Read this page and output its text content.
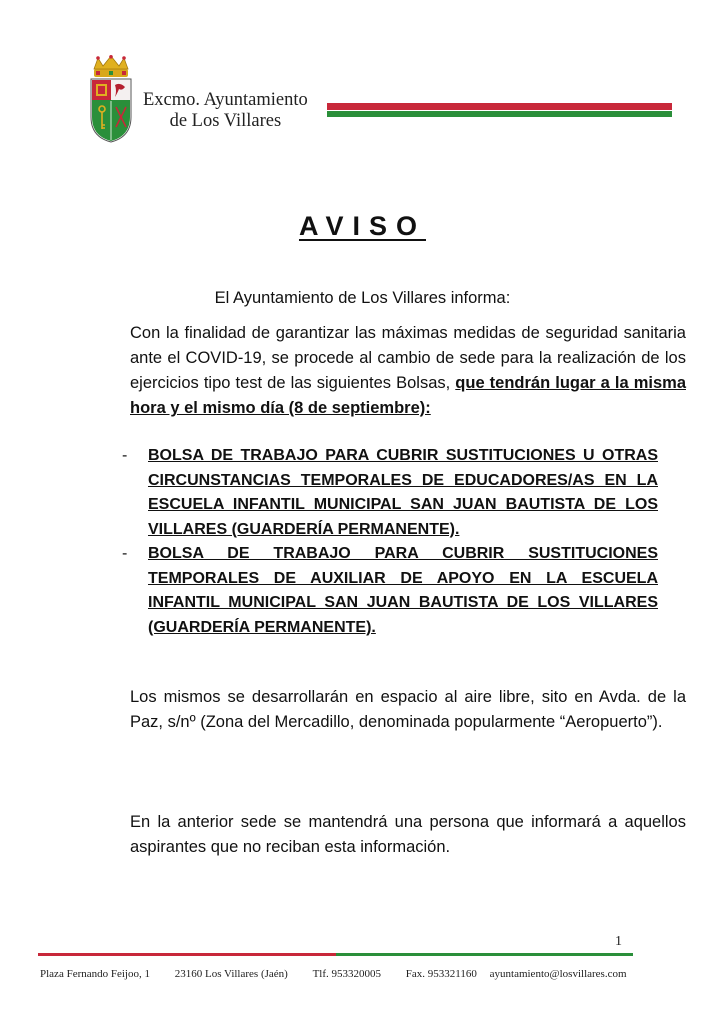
Excmo. Ayuntamiento
de Los Villares
AVISO
El Ayuntamiento de Los Villares informa:
Con la finalidad de garantizar las máximas medidas de seguridad sanitaria ante el COVID-19, se procede al cambio de sede para la realización de los ejercicios tipo test de las siguientes Bolsas, que tendrán lugar a la misma hora y el mismo día (8 de septiembre):
- BOLSA DE TRABAJO PARA CUBRIR SUSTITUCIONES U OTRAS CIRCUNSTANCIAS TEMPORALES DE EDUCADORES/AS EN LA ESCUELA INFANTIL MUNICIPAL SAN JUAN BAUTISTA DE LOS VILLARES (GUARDERÍA PERMANENTE).
- BOLSA DE TRABAJO PARA CUBRIR SUSTITUCIONES TEMPORALES DE AUXILIAR DE APOYO EN LA ESCUELA INFANTIL MUNICIPAL SAN JUAN BAUTISTA DE LOS VILLARES (GUARDERÍA PERMANENTE).
Los mismos se desarrollarán en espacio al aire libre, sito en Avda. de la Paz, s/nº (Zona del Mercadillo, denominada popularmente “Aeropuerto”).
En la anterior sede se mantendrá una persona que informará a aquellos aspirantes que no reciban esta información.
1
Plaza Fernando Feijoo, 1 23160 Los Villares (Jaén) Tlf. 953320005 Fax. 953321160 ayuntamiento@losvillares.com
